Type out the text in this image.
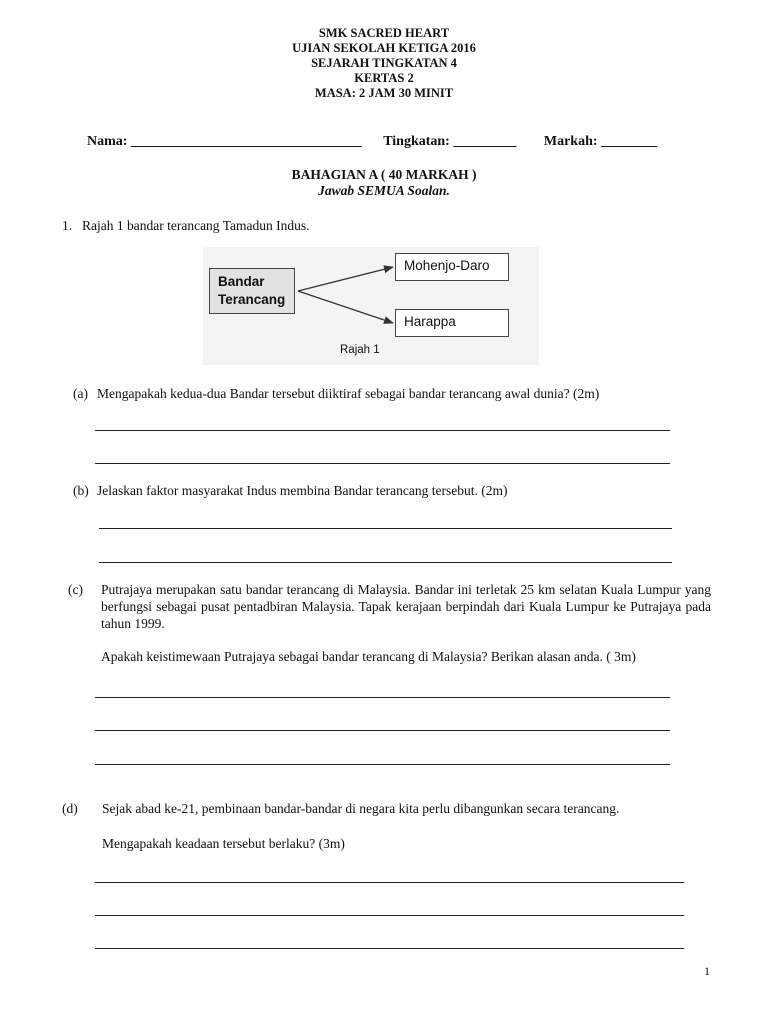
SMK SACRED HEART
UJIAN SEKOLAH KETIGA 2016
SEJARAH TINGKATAN 4
KERTAS 2
MASA: 2 JAM 30 MINIT
Nama: _________________________________ Tingkatan: _________ Markah: ________
BAHAGIAN A ( 40 MARKAH )
Jawab SEMUA Soalan.
1. Rajah 1 bandar terancang Tamadun Indus.
Bandar
Terancang
Mohenjo-Daro
Harappa
Rajah 1
(a) Mengapakah kedua-dua Bandar tersebut diiktiraf sebagai bandar terancang awal dunia? (2m)
(b) Jelaskan faktor masyarakat Indus membina Bandar terancang tersebut. (2m)
(c) Putrajaya merupakan satu bandar terancang di Malaysia. Bandar ini terletak 25 km selatan Kuala Lumpur yang berfungsi sebagai pusat pentadbiran Malaysia. Tapak kerajaan berpindah dari Kuala Lumpur ke Putrajaya pada tahun 1999.
Apakah keistimewaan Putrajaya sebagai bandar terancang di Malaysia? Berikan alasan anda. ( 3m)
(d) Sejak abad ke-21, pembinaan bandar-bandar di negara kita perlu dibangunkan secara terancang.
Mengapakah keadaan tersebut berlaku? (3m)
1
